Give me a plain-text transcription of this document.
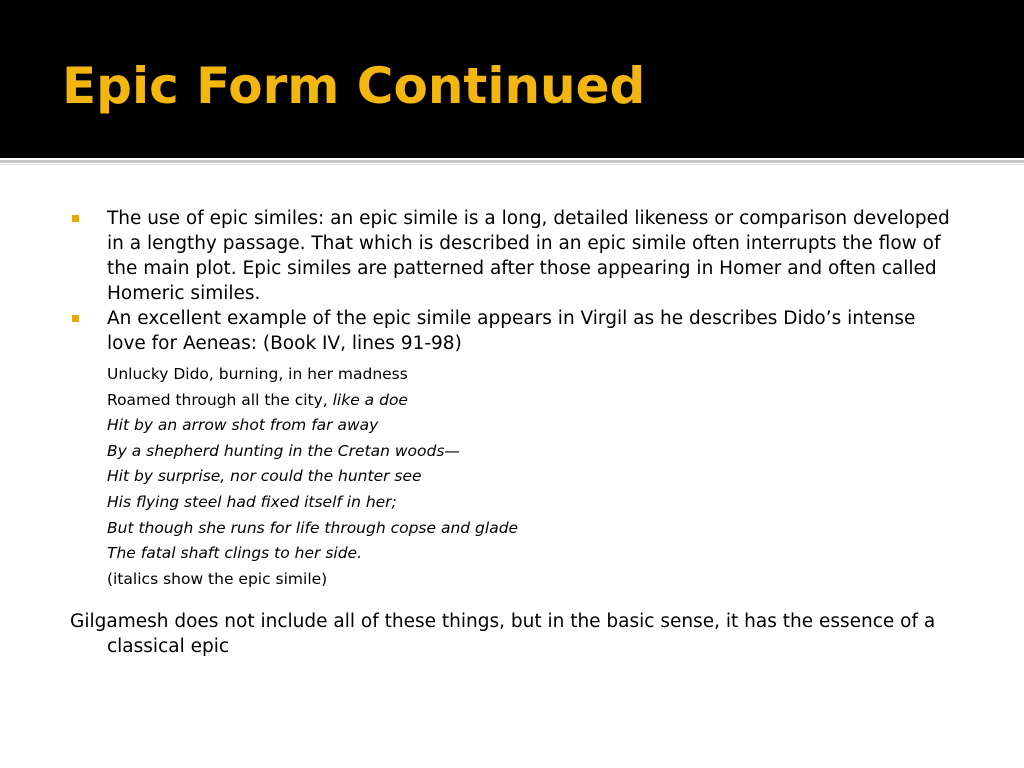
Epic Form Continued

The use of epic similes: an epic simile is a long, detailed likeness or comparison developed in a lengthy passage. That which is described in an epic simile often interrupts the flow of the main plot. Epic similes are patterned after those appearing in Homer and often called Homeric similes.

An excellent example of the epic simile appears in Virgil as he describes Dido’s intense love for Aeneas: (Book IV, lines 91-98)

Unlucky Dido, burning, in her madness
Roamed through all the city, like a doe
Hit by an arrow shot from far away
By a shepherd hunting in the Cretan woods—
Hit by surprise, nor could the hunter see
His flying steel had fixed itself in her;
But though she runs for life through copse and glade
The fatal shaft clings to her side.
(italics show the epic simile)

Gilgamesh does not include all of these things, but in the basic sense, it has the essence of a classical epic
